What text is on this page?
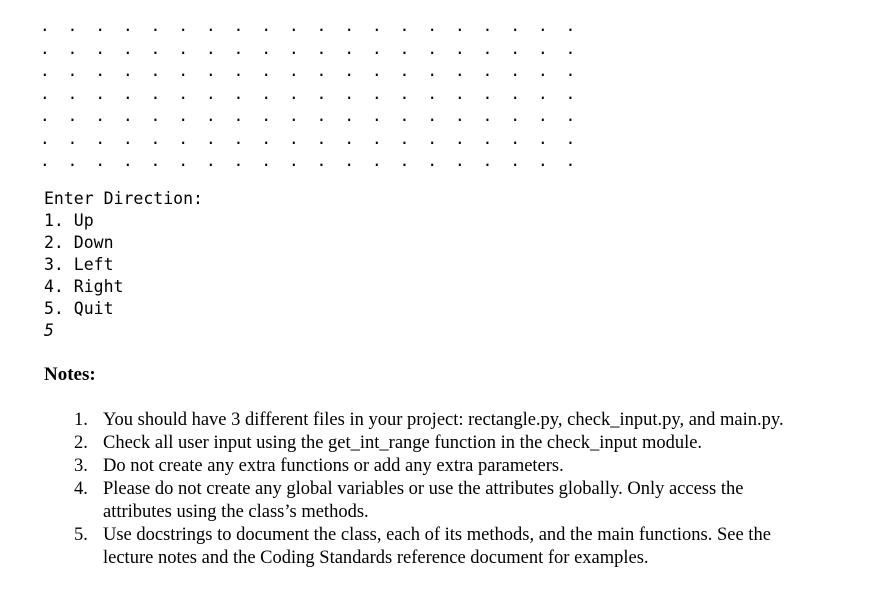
. . . . . . . . . . . . . . . . . . . .
. . . . . . . . . . . . . . . . . . . .
. . . . . . . . . . . . . . . . . . . .
. . . . . . . . . . . . . . . . . . . .
. . . . . . . . . . . . . . . . . . . .
. . . . . . . . . . . . . . . . . . . .
. . . . . . . . . . . . . . . . . . . .
Enter Direction:
1. Up
2. Down
3. Left
4. Right
5. Quit
5
Notes:
1. You should have 3 different files in your project: rectangle.py, check_input.py, and main.py.
2. Check all user input using the get_int_range function in the check_input module.
3. Do not create any extra functions or add any extra parameters.
4. Please do not create any global variables or use the attributes globally. Only access the attributes using the class’s methods.
5. Use docstrings to document the class, each of its methods, and the main functions. See the lecture notes and the Coding Standards reference document for examples.
